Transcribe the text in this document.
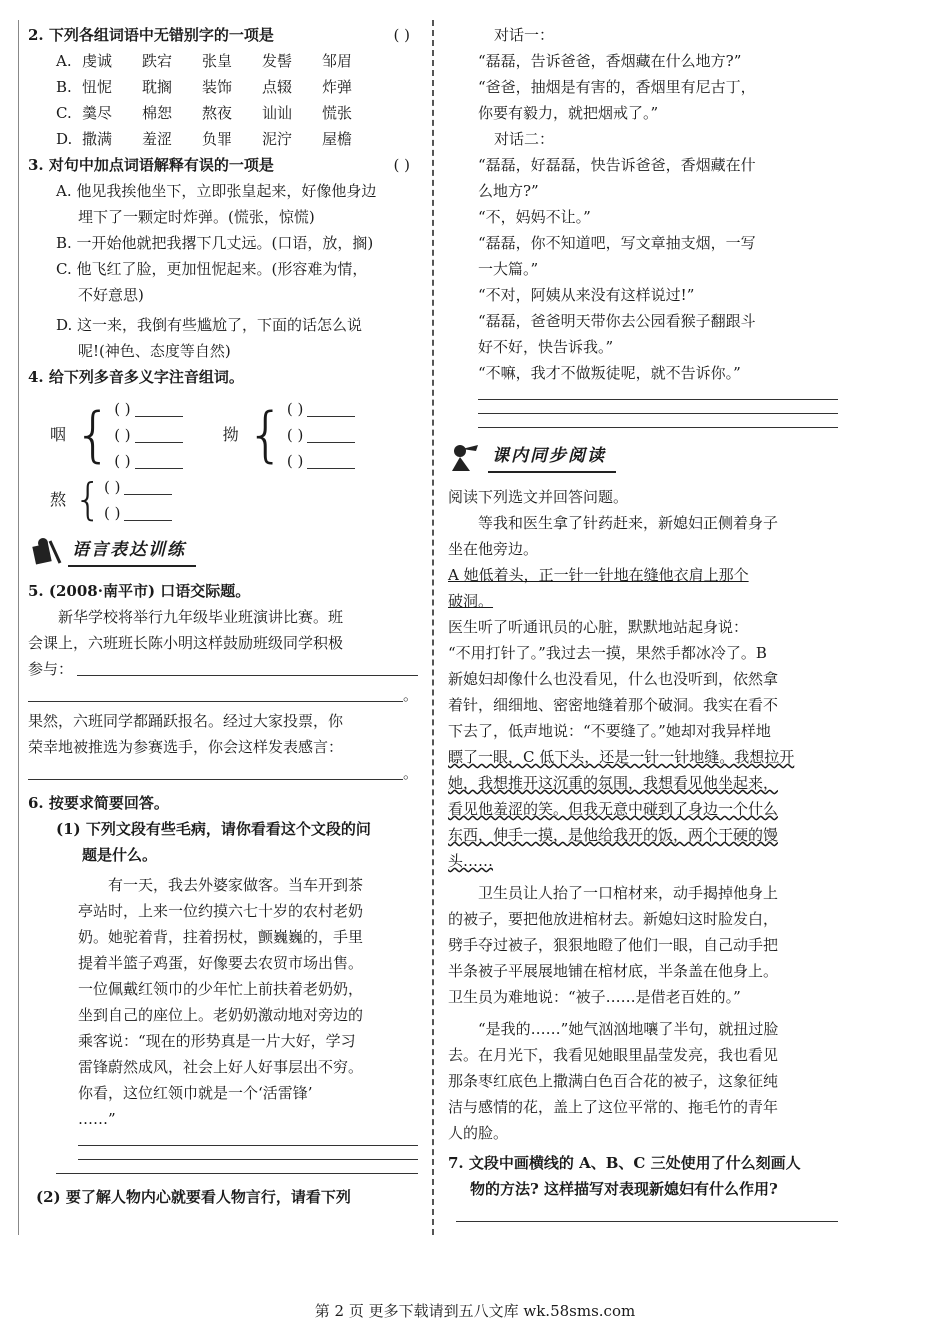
2. 下列各组词语中无错别字的一项是	( )
A. 虔诚	跌宕	张皇	发髻	邹眉
B. 忸怩	耽搁	装饰	点辍	炸弹
C. 羹尽	棉恕	熬夜	讪讪	慌张
D. 撒满	羞涩	负罪	泥泞	屋檐
3. 对句中加点词语解释有误的一项是	( )
A. 他见我挨他坐下，立即张皇起来，好像他身边
埋下了一颗定时炸弹。(慌张，惊慌)
B. 一开始他就把我撂下几丈远。(口语，放，搁)
C. 他飞红了脸，更加忸怩起来。(形容难为情，
不好意思)
D. 这一来，我倒有些尴尬了，下面的话怎么说
呢!(神色、态度等自然)
4. 给下列多音多义字注音组词。
咽 { ( )
( )
( )
拗 { ( )
( )
( )
熬 { ( )
( )
语言表达训练
5. (2008·南平市) 口语交际题。
新华学校将举行九年级毕业班演讲比赛。班
会课上，六班班长陈小明这样鼓励班级同学积极
参与：
。
果然，六班同学都踊跃报名。经过大家投票，你
荣幸地被推选为参赛选手，你会这样发表感言：
。
6. 按要求简要回答。
(1) 下列文段有些毛病，请你看看这个文段的问
题是什么。
有一天，我去外婆家做客。当车开到茶
亭站时，上来一位约摸六七十岁的农村老奶
奶。她驼着背，拄着拐杖，颤巍巍的，手里
提着半篮子鸡蛋，好像要去农贸市场出售。
一位佩戴红领巾的少年忙上前扶着老奶奶，
坐到自己的座位上。老奶奶激动地对旁边的
乘客说：“现在的形势真是一片大好，学习
雷锋蔚然成风，社会上好人好事层出不穷。
你看，这位红领巾就是一个‘活雷锋’
……”
(2) 要了解人物内心就要看人物言行，请看下列
对话一：
“磊磊，告诉爸爸，香烟藏在什么地方?”
“爸爸，抽烟是有害的，香烟里有尼古丁，
你要有毅力，就把烟戒了。”
对话二：
“磊磊，好磊磊，快告诉爸爸，香烟藏在什
么地方?”
“不，妈妈不让。”
“磊磊，你不知道吧，写文章抽支烟，一写
一大篇。”
“不对，阿姨从来没有这样说过!”
“磊磊，爸爸明天带你去公园看猴子翻跟斗
好不好，快告诉我。”
“不嘛，我才不做叛徒呢，就不告诉你。”
课内同步阅读
阅读下列选文并回答问题。
等我和医生拿了针药赶来，新媳妇正侧着身子
坐在他旁边。
A 她低着头，正一针一针地在缝他衣肩上那个
破洞。
医生听了听通讯员的心脏，默默地站起身说：
“不用打针了。”我过去一摸，果然手都冰冷了。B
新媳妇却像什么也没看见，什么也没听到，依然拿
着针，细细地、密密地缝着那个破洞。我实在看不
下去了，低声地说：“不要缝了。”她却对我异样地
瞟了一眼，C 低下头，还是一针一针地缝。我想拉开
她，我想推开这沉重的氛围，我想看见他坐起来，
看见他羞涩的笑。但我无意中碰到了身边一个什么
东西，伸手一摸，是他给我开的饭，两个干硬的馒
头……
卫生员让人抬了一口棺材来，动手揭掉他身上
的被子，要把他放进棺材去。新媳妇这时脸发白，
劈手夺过被子，狠狠地瞪了他们一眼，自己动手把
半条被子平展展地铺在棺材底，半条盖在他身上。
卫生员为难地说：“被子……是借老百姓的。”
“是我的……”她气汹汹地嚷了半句，就扭过脸
去。在月光下，我看见她眼里晶莹发亮，我也看见
那条枣红底色上撒满白色百合花的被子，这象征纯
洁与感情的花，盖上了这位平常的、拖毛竹的青年
人的脸。
7. 文段中画横线的 A、B、C 三处使用了什么刻画人
物的方法? 这样描写对表现新媳妇有什么作用?
第 2 页 更多下载请到五八文库 wk.58sms.com
